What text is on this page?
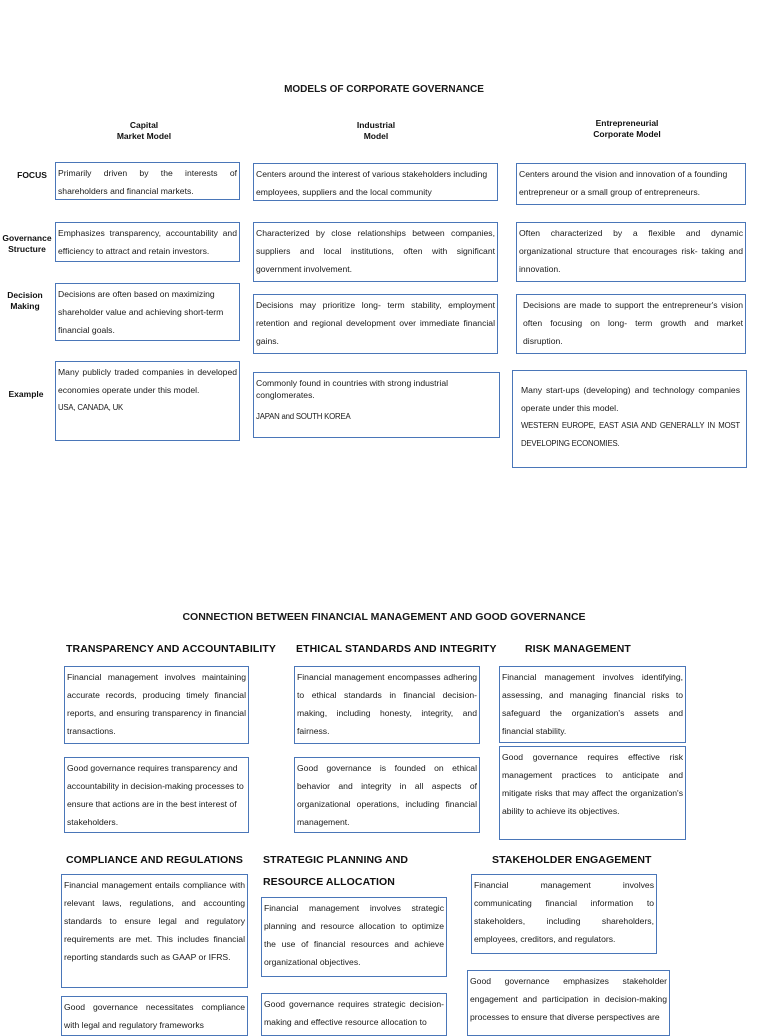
MODELS OF CORPORATE GOVERNANCE
Capital
Market Model
Industrial
Model
Entrepreneurial
Corporate Model
FOCUS
Governance
Structure
Decision
Making
Example

Primarily driven by the interests of shareholders and financial markets.

Centers around the interest of various stakeholders including employees, suppliers and the local community

Centers around the vision and innovation of a founding entrepreneur or a small group of entrepreneurs.

Emphasizes transparency, accountability and efficiency to attract and retain investors.

Characterized by close relationships between companies, suppliers and local institutions, often with significant government involvement.

Often characterized by a flexible and dynamic organizational structure that encourages risk- taking and innovation.

Decisions are often based on maximizing shareholder value and achieving short-term financial goals.

Decisions may prioritize long- term stability, employment retention and regional development over immediate financial gains.

Decisions are made to support the entrepreneur's vision often focusing on long- term growth and market disruption.

Many publicly traded companies in developed economies operate under this model.

USA, CANADA, UK

Commonly found in countries with strong industrial conglomerates.

JAPAN and SOUTH KOREA

Many start-ups (developing) and technology companies operate under this model.

WESTERN EUROPE, EAST ASIA AND GENERALLY IN MOST DEVELOPING ECONOMIES.

CONNECTION BETWEEN FINANCIAL MANAGEMENT AND GOOD GOVERNANCE
TRANSPARENCY AND ACCOUNTABILITY ETHICAL STANDARDS AND INTEGRITY	RISK MANAGEMENT

Financial management involves maintaining accurate records, producing timely financial reports, and ensuring transparency in financial transactions.

Good governance requires transparency and accountability in decision-making processes to ensure that actions are in the best interest of stakeholders.

Financial management encompasses adhering to ethical standards in financial decision-making, including honesty, integrity, and fairness.

Good governance is founded on ethical behavior and integrity in all aspects of organizational operations, including financial management.

Financial management involves identifying, assessing, and managing financial risks to safeguard the organization's assets and financial stability.

Good governance requires effective risk management practices to anticipate and mitigate risks that may affect the organization's ability to achieve its objectives.

COMPLIANCE AND REGULATIONS STRATEGIC PLANNING AND
RESOURCE ALLOCATION
STAKEHOLDER ENGAGEMENT

Financial management entails compliance with relevant laws, regulations, and accounting standards to ensure legal and regulatory requirements are met. This includes financial reporting standards such as GAAP or IFRS.

Good governance necessitates compliance with legal and regulatory frameworks

Financial management involves strategic planning and resource allocation to optimize the use of financial resources and achieve organizational objectives.

Good governance requires strategic decision-making and effective resource allocation to

Financial management involves communicating financial information to stakeholders, including shareholders, employees, creditors, and regulators.

Good governance emphasizes stakeholder engagement and participation in decision-making processes to ensure that diverse perspectives are
